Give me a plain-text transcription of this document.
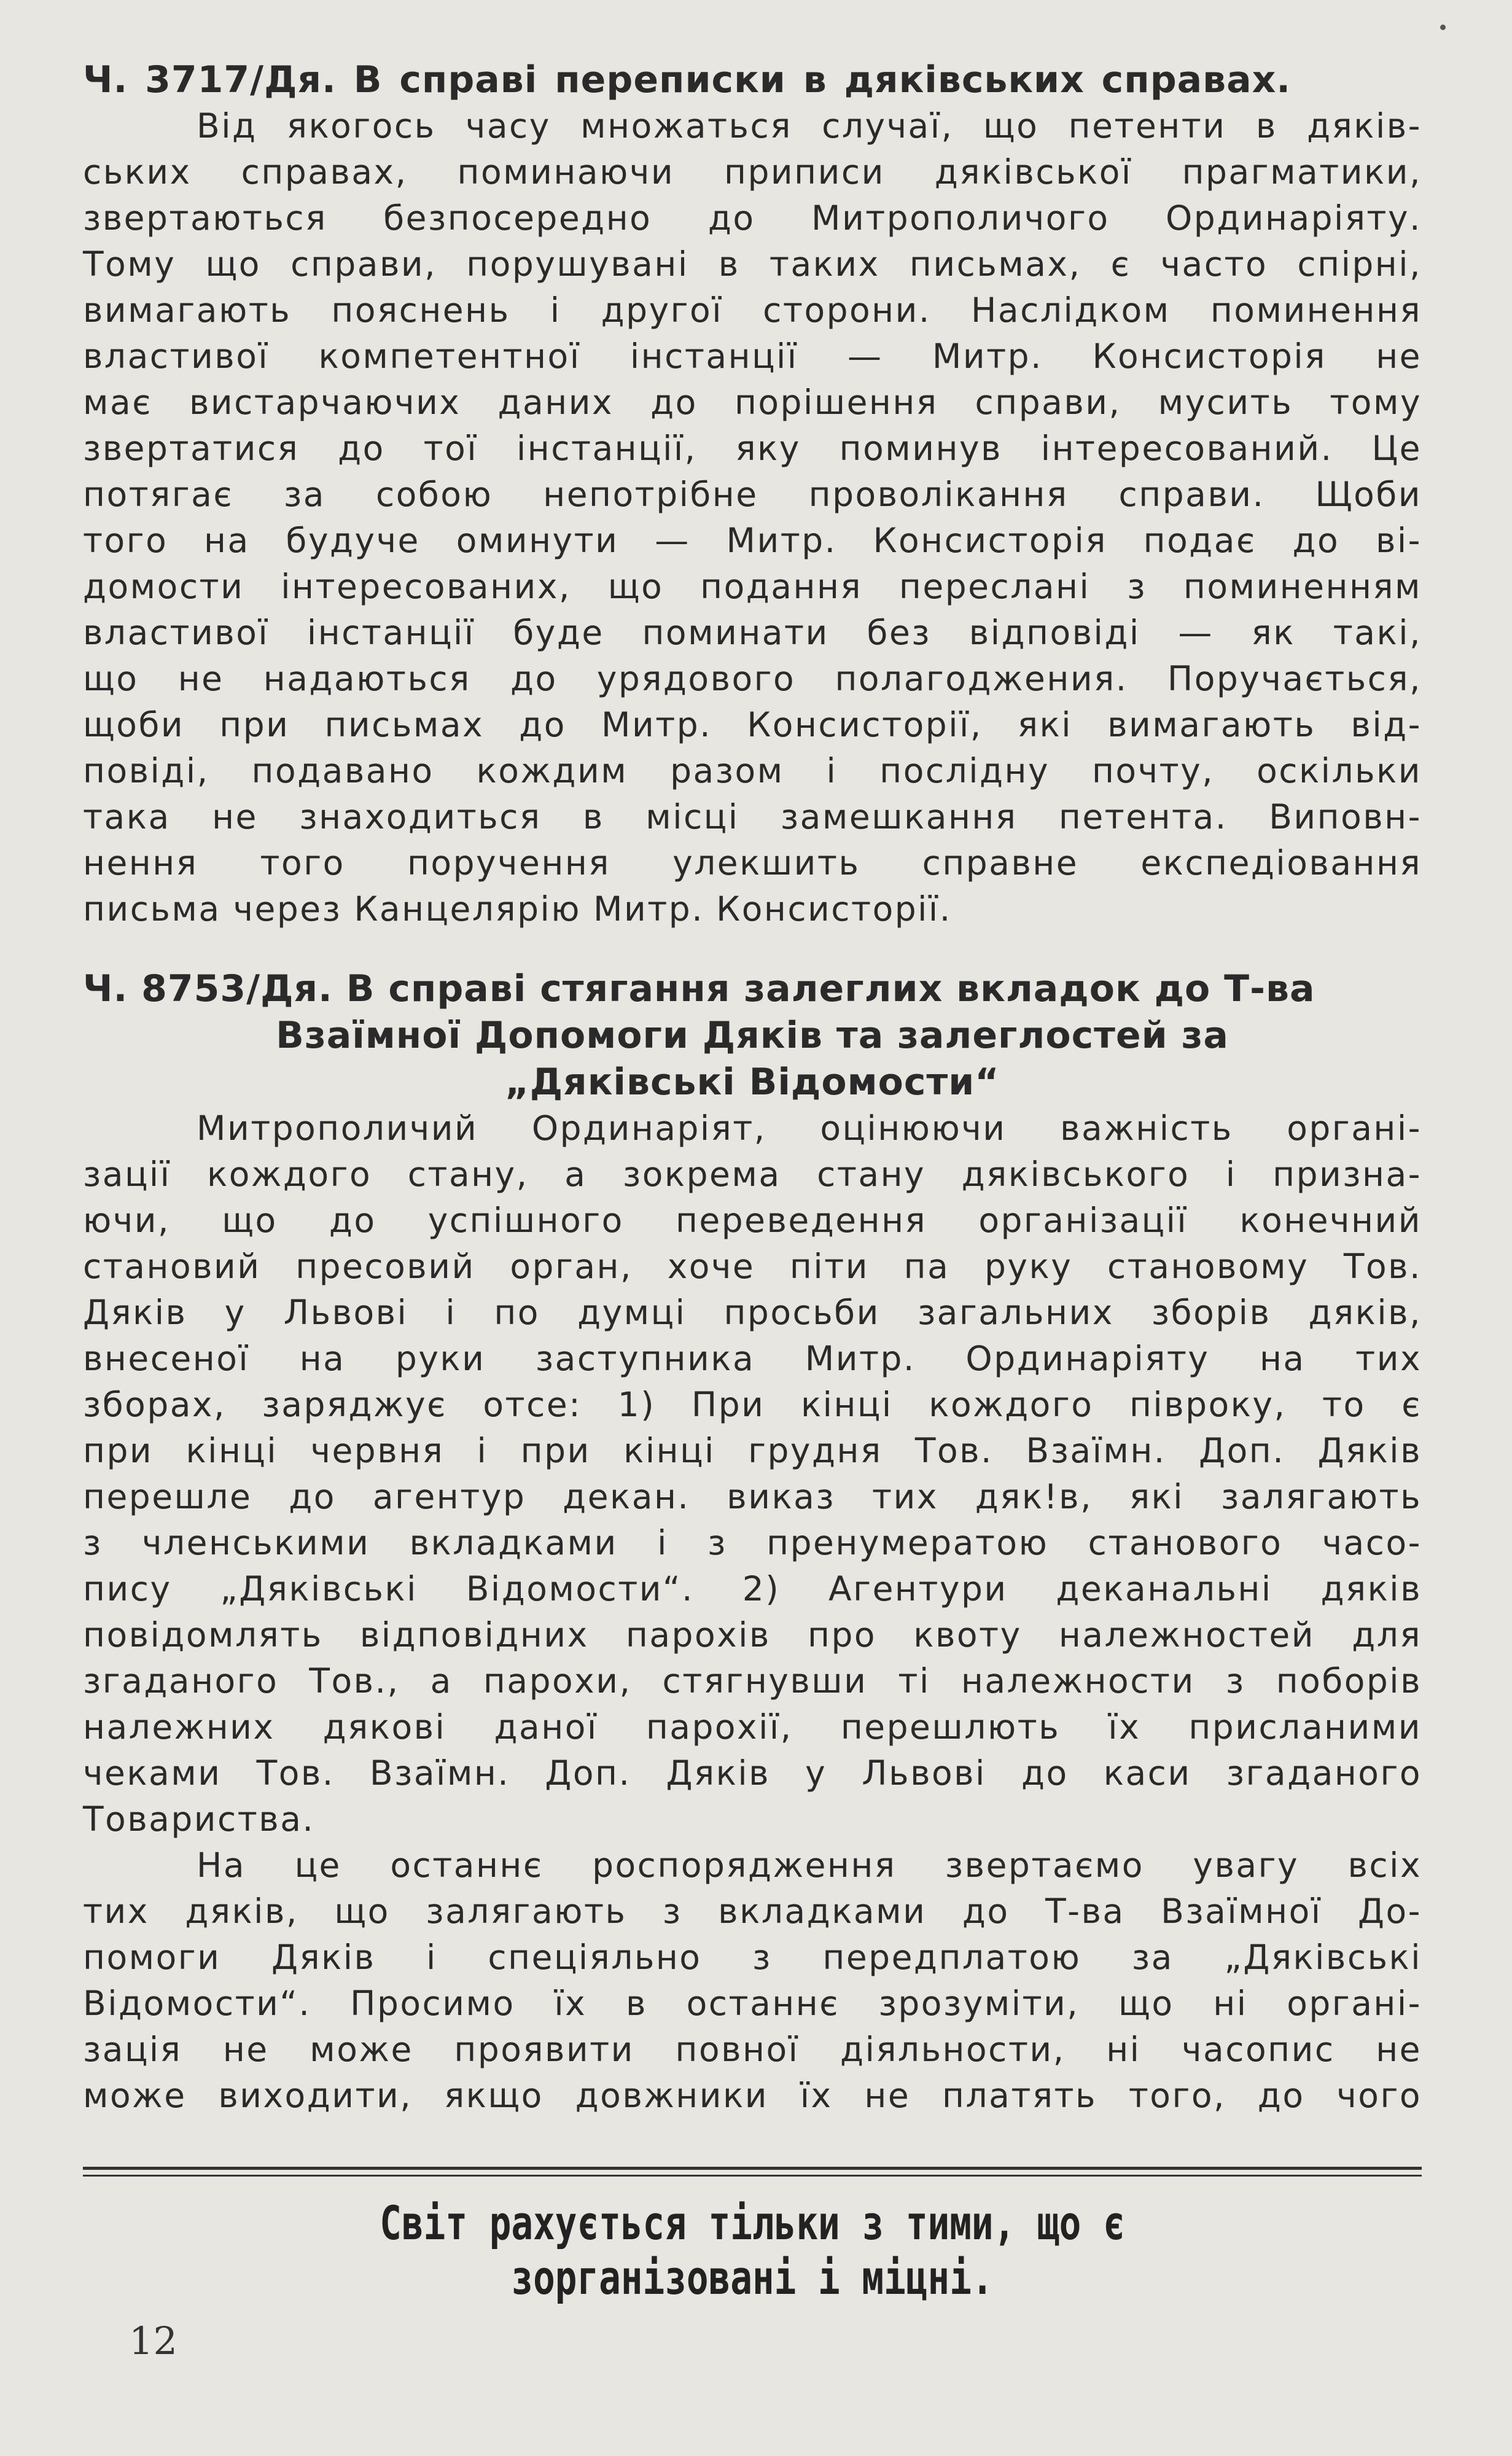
Ч. 3717/Дя. В справі переписки в дяківських справах.
Від якогось часу множаться случаї, що петенти в дяків-
ських справах, поминаючи приписи дяківської прагматики,
звертаються безпосередно до Митрополичого Ординаріяту.
Тому що справи, порушувані в таких письмах, є часто спірні,
вимагають пояснень і другої сторони. Наслідком поминення
властивої компетентної інстанції — Митр. Консисторія не
має вистарчаючих даних до порішення справи, мусить тому
звертатися до тої інстанції, яку поминув інтересований. Це
потягає за собою непотрібне проволікання справи. Щоби
того на будуче оминути — Митр. Консисторія подає до ві-
домости інтересованих, що подання переслані з поминенням
властивої інстанції буде поминати без відповіді — як такі,
що не надаються до урядового полагоджения. Поручається,
щоби при письмах до Митр. Консисторії, які вимагають від-
повіді, подавано кождим разом і послідну почту, оскільки
така не знаходиться в місці замешкання петента. Виповн-
нення того поручення улекшить справне експедіовання
письма через Канцелярію Митр. Консисторії.
Ч. 8753/Дя. В справі стягання залеглих вкладок до Т-ва
Взаїмної Допомоги Дяків та залеглостей за
„Дяківські Відомости“
Митрополичий Ординаріят, оцінюючи важність органі-
зації кождого стану, а зокрема стану дяківського і призна-
ючи, що до успішного переведення організації конечний
становий пресовий орган, хоче піти па руку становому Тов.
Дяків у Львові і по думці просьби загальних зборів дяків,
внесеної на руки заступника Митр. Ординаріяту на тих
зборах, заряджує отсе: 1) При кінці кождого півроку, то є
при кінці червня і при кінці грудня Тов. Взаїмн. Доп. Дяків
перешле до агентур декан. виказ тих дяк!в, які залягають
з членськими вкладками і з пренумератою станового часо-
пису „Дяківські Відомости“. 2) Агентури деканальні дяків
повідомлять відповідних парохів про квоту належностей для
згаданого Тов., а парохи, стягнувши ті належности з поборів
належних дякові даної парохії, перешлють їх присланими
чеками Тов. Взаїмн. Доп. Дяків у Львові до каси згаданого
Товариства.
На це останнє роспорядження звертаємо увагу всіх
тих дяків, що залягають з вкладками до Т-ва Взаїмної До-
помоги Дяків і спеціяльно з передплатою за „Дяківські
Відомости“. Просимо їх в останнє зрозуміти, що ні органі-
зація не може проявити повної діяльности, ні часопис не
може виходити, якщо довжники їх не платять того, до чого
Світ рахується тільки з тими, що є зорганізовані і міцні.
12
